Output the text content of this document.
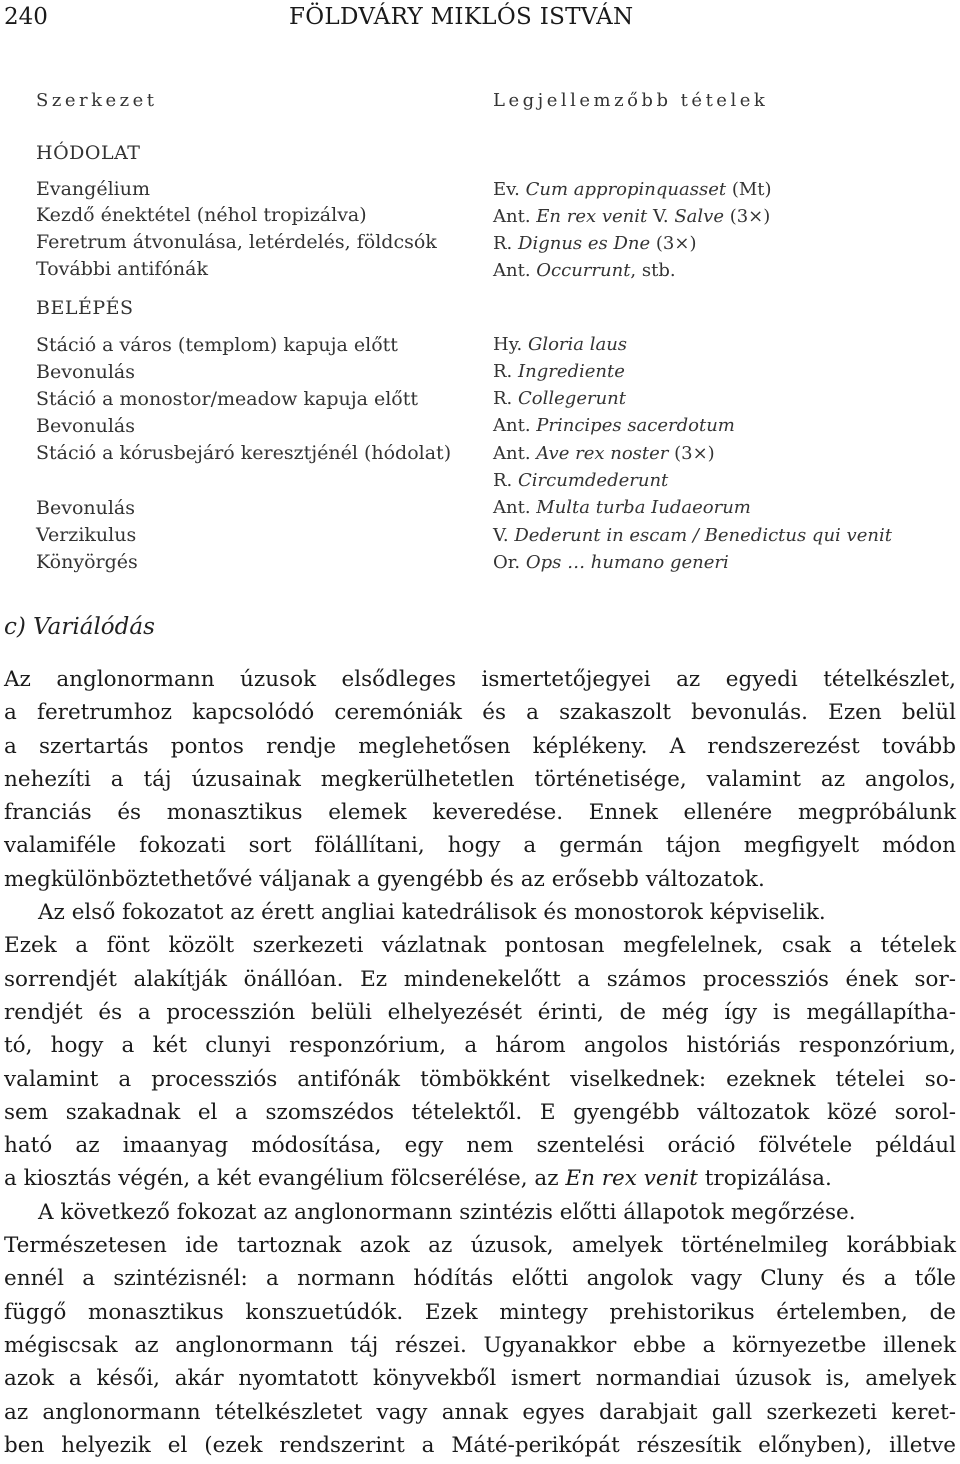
240	FÖLDVÁRY MIKLÓS ISTVÁN
Szerkezet	Legjellemzőbb tételek
HÓDOLAT
Evangélium
Kezdő énektétel (néhol tropizálva)
Feretrum átvonulása, letérdelés, földcsók
További antifónák
BELÉPÉS
Stáció a város (templom) kapuja előtt
Bevonulás
Stáció a monostor/meadow kapuja előtt
Bevonulás
Stáció a kórusbejáró keresztjénél (hódolat)
Bevonulás
Verzikulus
Könyörgés
Ev. Cum appropinquasset (Mt)
Ant. En rex venit V. Salve (3×)
R. Dignus es Dne (3×)
Ant. Occurrunt, stb.
Hy. Gloria laus
R. Ingrediente
R. Collegerunt
Ant. Principes sacerdotum
Ant. Ave rex noster (3×)
R. Circumdederunt
Ant. Multa turba Iudaeorum
V. Dederunt in escam / Benedictus qui venit
Or. Ops … humano generi
c) Variálódás
Az anglonormann úzusok elsődleges ismertetőjegyei az egyedi tételkészlet,
a feretrumhoz kapcsolódó ceremóniák és a szakaszolt bevonulás. Ezen belül
a szertartás pontos rendje meglehetősen képlékeny. A rendszerezést tovább
nehezíti a táj úzusainak megkerülhetetlen történetisége, valamint az angolos,
franciás és monasztikus elemek keveredése. Ennek ellenére megpróbálunk
valamiféle fokozati sort fölállítani, hogy a germán tájon megfigyelt módon
megkülönböztethetővé váljanak a gyengébb és az erősebb változatok.
Az első fokozatot az érett angliai katedrálisok és monostorok képviselik.
Ezek a fönt közölt szerkezeti vázlatnak pontosan megfelelnek, csak a tételek
sorrendjét alakítják önállóan. Ez mindenekelőtt a számos processziós ének sor-
rendjét és a processzión belüli elhelyezését érinti, de még így is megállapítha-
tó, hogy a két clunyi responzórium, a három angolos históriás responzórium,
valamint a processziós antifónák tömbökként viselkednek: ezeknek tételei so-
sem szakadnak el a szomszédos tételektől. E gyengébb változatok közé sorol-
ható az imaanyag módosítása, egy nem szentelési oráció fölvétele például
a kiosztás végén, a két evangélium fölcserélése, az En rex venit tropizálása.
A következő fokozat az anglonormann szintézis előtti állapotok megőrzése.
Természetesen ide tartoznak azok az úzusok, amelyek történelmileg korábbiak
ennél a szintézisnél: a normann hódítás előtti angolok vagy Cluny és a tőle
függő monasztikus konszuetúdók. Ezek mintegy prehistorikus értelemben, de
mégiscsak az anglonormann táj részei. Ugyanakkor ebbe a környezetbe illenek
azok a késői, akár nyomtatott könyvekből ismert normandiai úzusok is, amelyek
az anglonormann tételkészletet vagy annak egyes darabjait gall szerkezeti keret-
ben helyezik el (ezek rendszerint a Máté-perikópát részesítik előnyben), illetve
